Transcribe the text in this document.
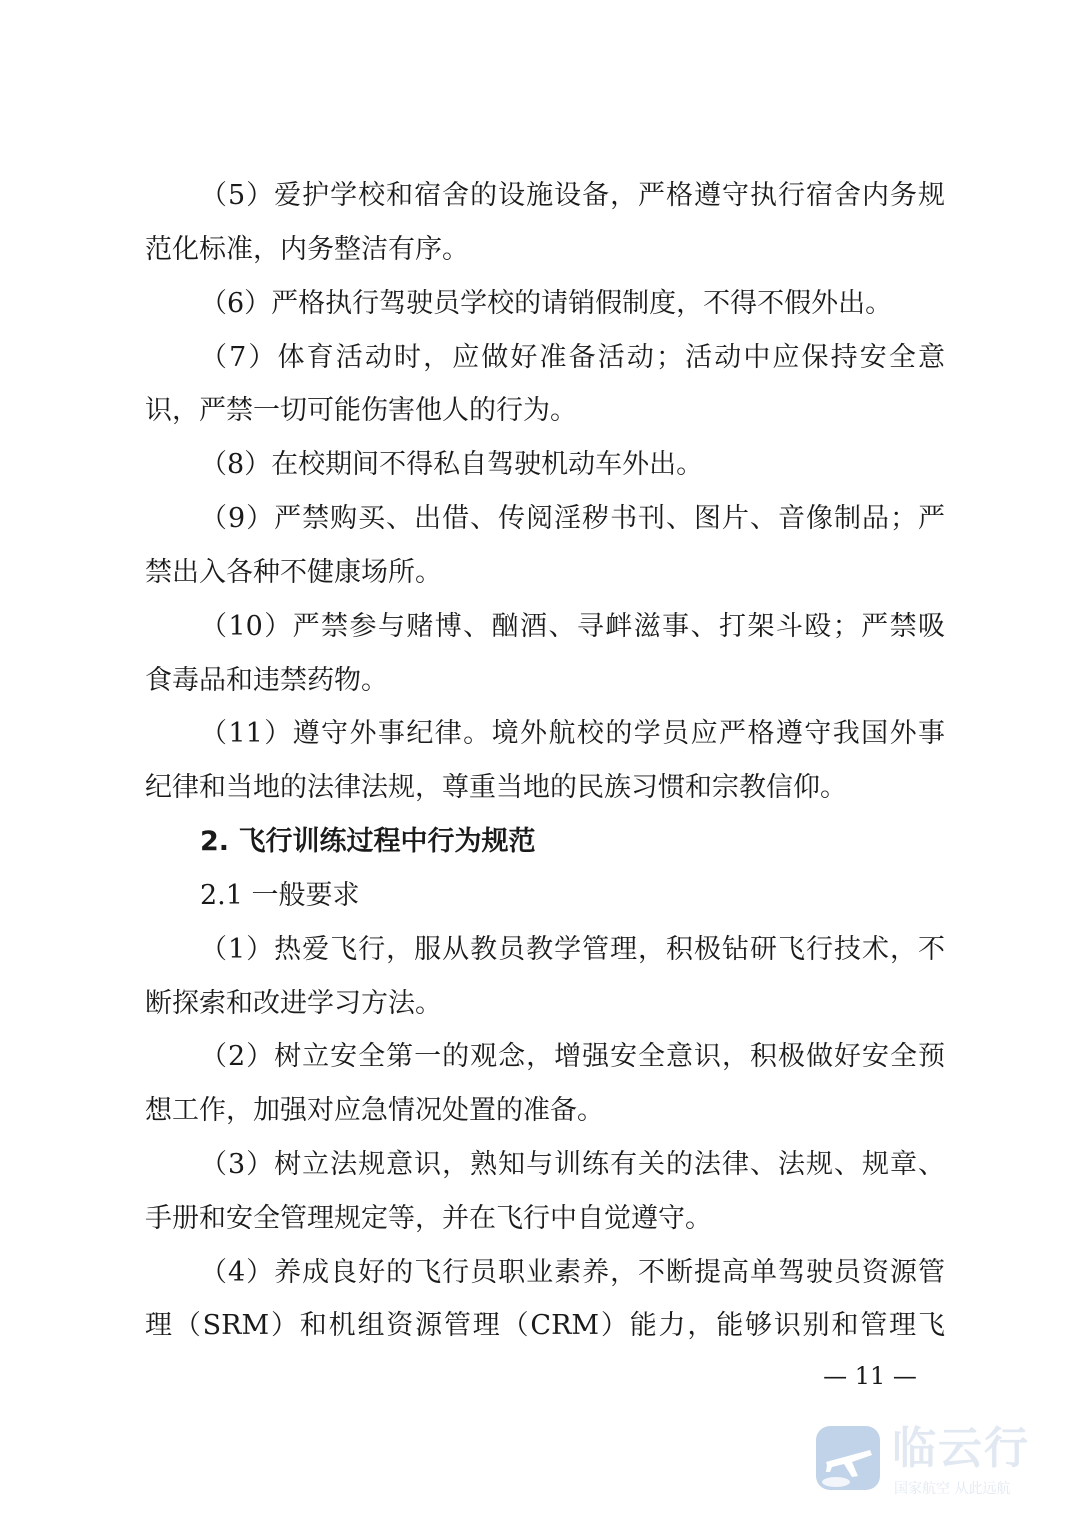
（5）爱护学校和宿舍的设施设备，严格遵守执行宿舍内务规
范化标准，内务整洁有序。
（6）严格执行驾驶员学校的请销假制度，不得不假外出。
（7）体育活动时，应做好准备活动；活动中应保持安全意
识，严禁一切可能伤害他人的行为。
（8）在校期间不得私自驾驶机动车外出。
（9）严禁购买、出借、传阅淫秽书刊、图片、音像制品；严
禁出入各种不健康场所。
（10）严禁参与赌博、酗酒、寻衅滋事、打架斗殴；严禁吸
食毒品和违禁药物。
（11）遵守外事纪律。境外航校的学员应严格遵守我国外事
纪律和当地的法律法规，尊重当地的民族习惯和宗教信仰。
2. 飞行训练过程中行为规范
2.1 一般要求
（1）热爱飞行，服从教员教学管理，积极钻研飞行技术，不
断探索和改进学习方法。
（2）树立安全第一的观念，增强安全意识，积极做好安全预
想工作，加强对应急情况处置的准备。
（3）树立法规意识，熟知与训练有关的法律、法规、规章、
手册和安全管理规定等，并在飞行中自觉遵守。
（4）养成良好的飞行员职业素养，不断提高单驾驶员资源管
理（SRM）和机组资源管理（CRM）能力，能够识别和管理飞
— 11 —
临云行
国家航空 从此远航
